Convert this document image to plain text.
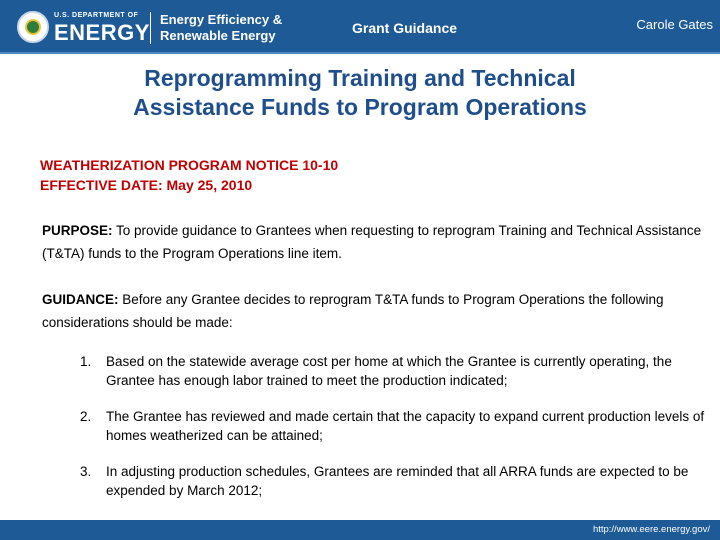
U.S. DEPARTMENT OF
ENERGY
Energy Efficiency &
Renewable Energy	Grant Guidance	Carole Gates
Reprogramming Training and Technical
Assistance Funds to Program Operations
WEATHERIZATION PROGRAM NOTICE 10-10
EFFECTIVE DATE: May 25, 2010
PURPOSE: To provide guidance to Grantees when requesting to reprogram Training and Technical Assistance (T&TA) funds to the Program Operations line item.
GUIDANCE: Before any Grantee decides to reprogram T&TA funds to Program Operations the following considerations should be made:
1. Based on the statewide average cost per home at which the Grantee is currently operating, the Grantee has enough labor trained to meet the production indicated;
2. The Grantee has reviewed and made certain that the capacity to expand current production levels of homes weatherized can be attained;
3. In adjusting production schedules, Grantees are reminded that all ARRA funds are expected to be expended by March 2012;
http://www.eere.energy.gov/
